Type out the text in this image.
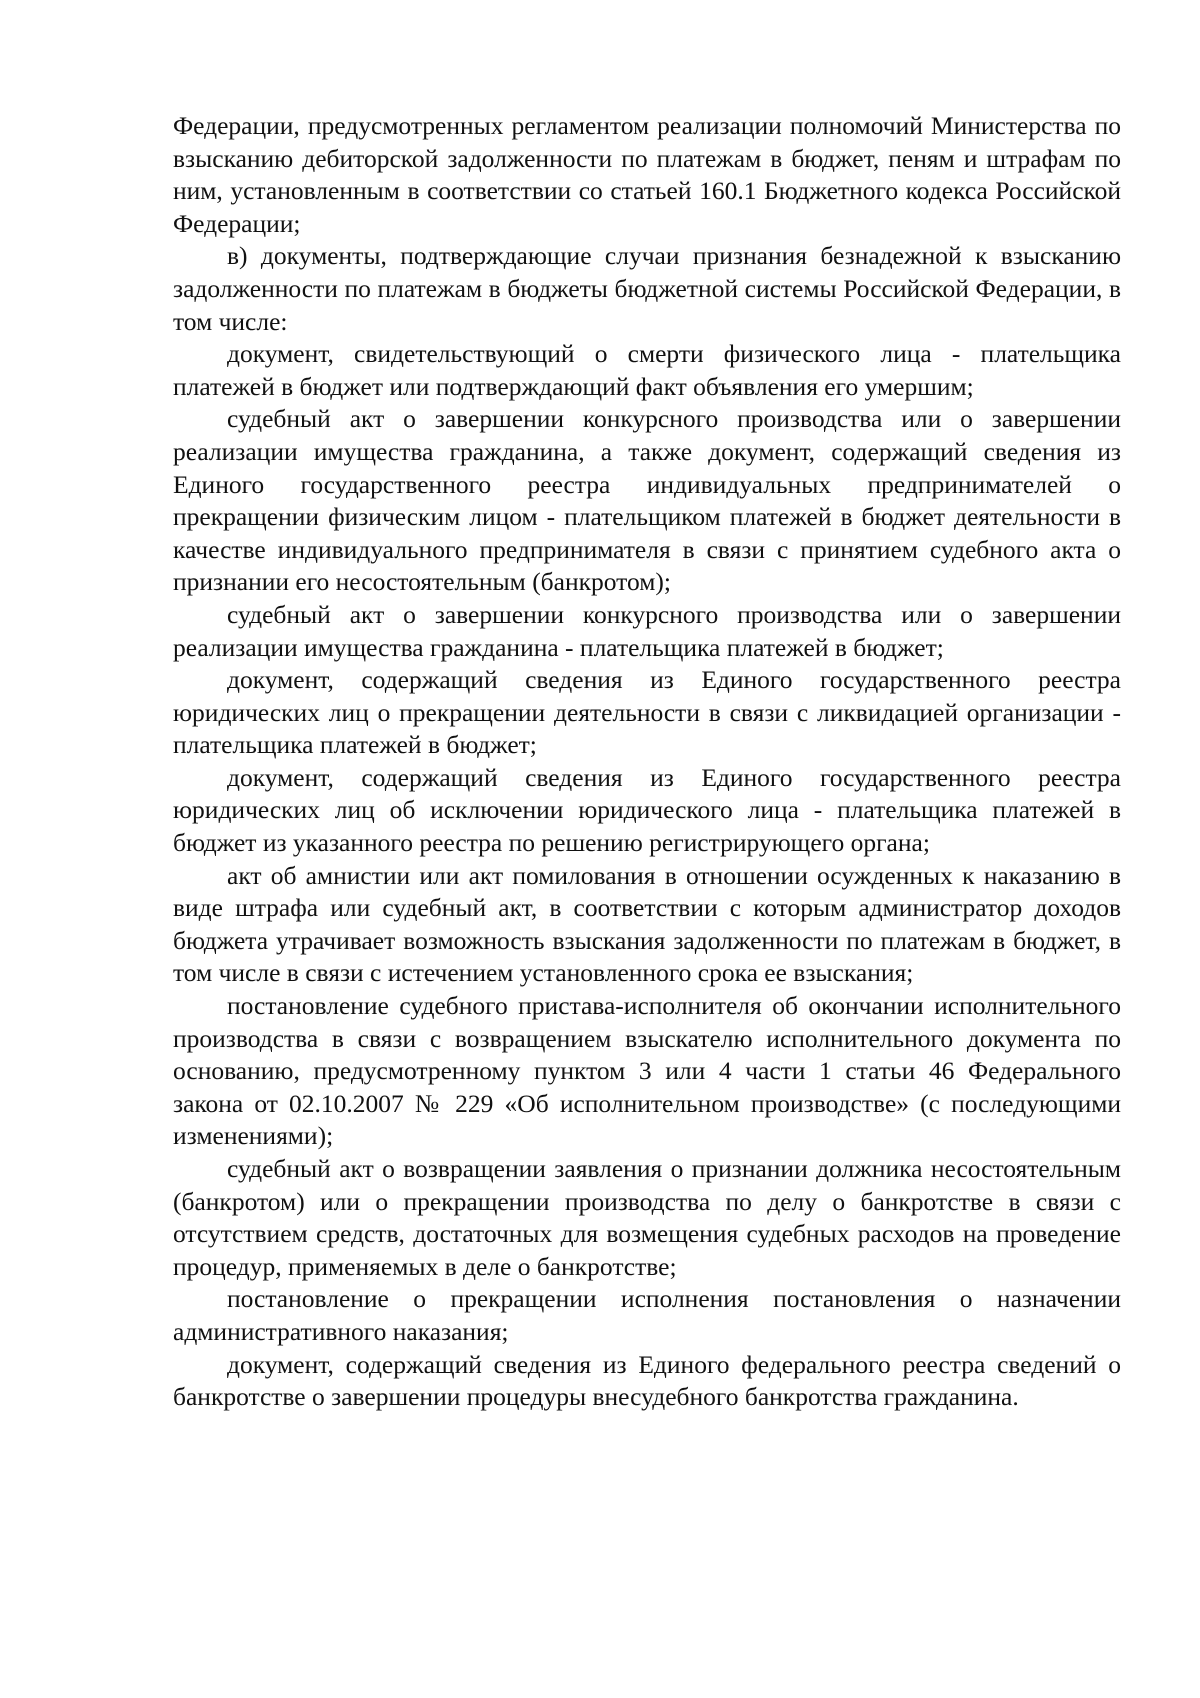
Федерации, предусмотренных регламентом реализации полномочий Министерства по взысканию дебиторской задолженности по платежам в бюджет, пеням и штрафам по ним, установленным в соответствии со статьей 160.1 Бюджетного кодекса Российской Федерации;

в) документы, подтверждающие случаи признания безнадежной к взысканию задолженности по платежам в бюджеты бюджетной системы Российской Федерации, в том числе:

документ, свидетельствующий о смерти физического лица - плательщика платежей в бюджет или подтверждающий факт объявления его умершим;

судебный акт о завершении конкурсного производства или о завершении реализации имущества гражданина, а также документ, содержащий сведения из Единого государственного реестра индивидуальных предпринимателей о прекращении физическим лицом - плательщиком платежей в бюджет деятельности в качестве индивидуального предпринимателя в связи с принятием судебного акта о признании его несостоятельным (банкротом);

судебный акт о завершении конкурсного производства или о завершении реализации имущества гражданина - плательщика платежей в бюджет;

документ, содержащий сведения из Единого государственного реестра юридических лиц о прекращении деятельности в связи с ликвидацией организации - плательщика платежей в бюджет;

документ, содержащий сведения из Единого государственного реестра юридических лиц об исключении юридического лица - плательщика платежей в бюджет из указанного реестра по решению регистрирующего органа;

акт об амнистии или акт помилования в отношении осужденных к наказанию в виде штрафа или судебный акт, в соответствии с которым администратор доходов бюджета утрачивает возможность взыскания задолженности по платежам в бюджет, в том числе в связи с истечением установленного срока ее взыскания;

постановление судебного пристава-исполнителя об окончании исполнительного производства в связи с возвращением взыскателю исполнительного документа по основанию, предусмотренному пунктом 3 или 4 части 1 статьи 46 Федерального закона от 02.10.2007 № 229 «Об исполнительном производстве» (с последующими изменениями);

судебный акт о возвращении заявления о признании должника несостоятельным (банкротом) или о прекращении производства по делу о банкротстве в связи с отсутствием средств, достаточных для возмещения судебных расходов на проведение процедур, применяемых в деле о банкротстве;

постановление о прекращении исполнения постановления о назначении административного наказания;

документ, содержащий сведения из Единого федерального реестра сведений о банкротстве о завершении процедуры внесудебного банкротства гражданина.
